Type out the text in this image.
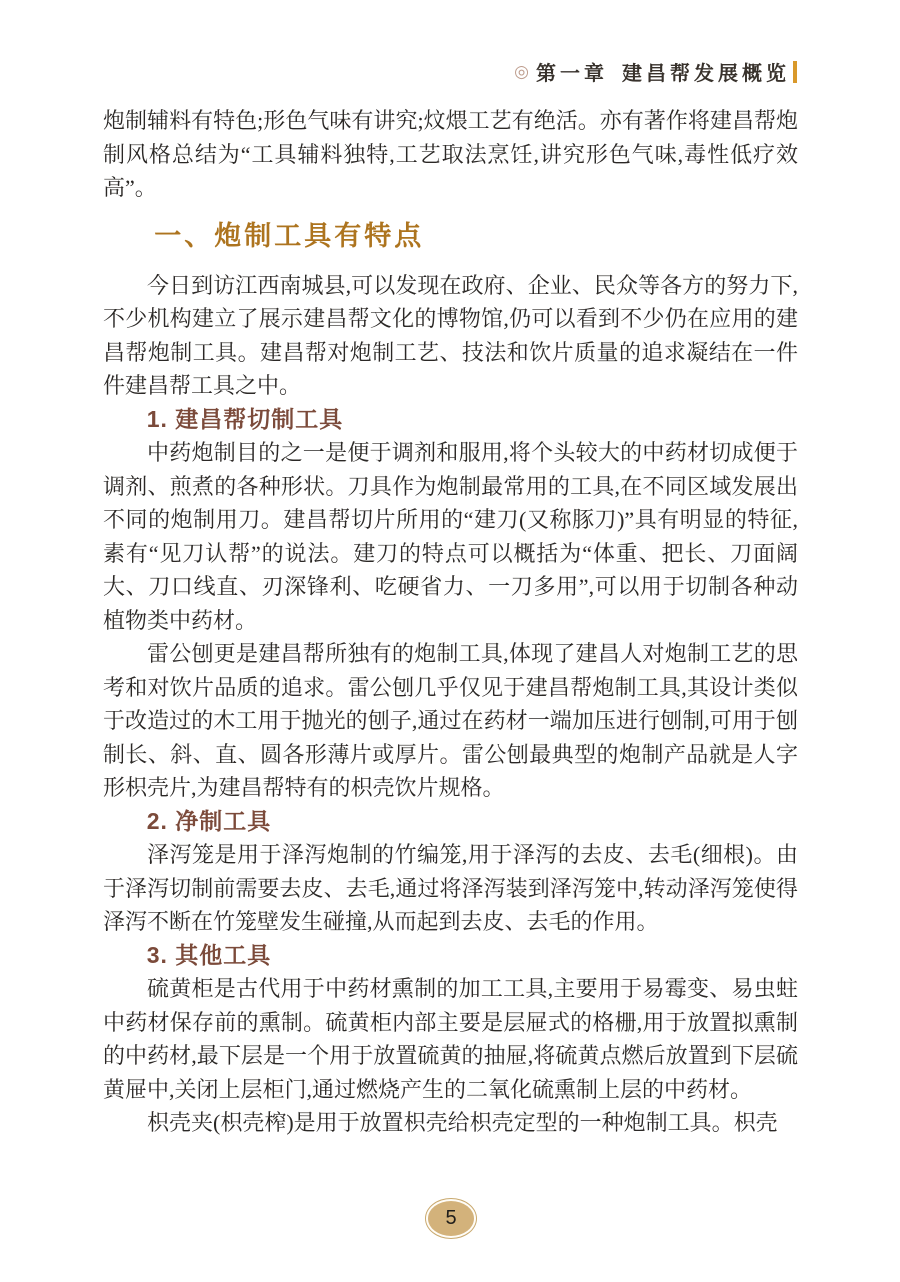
◎ 第一章 建昌帮发展概览

炮制辅料有特色;形色气味有讲究;炆煨工艺有绝活。亦有著作将建昌帮炮制风格总结为“工具辅料独特,工艺取法烹饪,讲究形色气味,毒性低疗效高”。

一、炮制工具有特点

今日到访江西南城县,可以发现在政府、企业、民众等各方的努力下,不少机构建立了展示建昌帮文化的博物馆,仍可以看到不少仍在应用的建昌帮炮制工具。建昌帮对炮制工艺、技法和饮片质量的追求凝结在一件件建昌帮工具之中。

1. 建昌帮切制工具

中药炮制目的之一是便于调剂和服用,将个头较大的中药材切成便于调剂、煎煮的各种形状。刀具作为炮制最常用的工具,在不同区域发展出不同的炮制用刀。建昌帮切片所用的“建刀(又称豚刀)”具有明显的特征,素有“见刀认帮”的说法。建刀的特点可以概括为“体重、把长、刀面阔大、刀口线直、刃深锋利、吃硬省力、一刀多用”,可以用于切制各种动植物类中药材。

雷公刨更是建昌帮所独有的炮制工具,体现了建昌人对炮制工艺的思考和对饮片品质的追求。雷公刨几乎仅见于建昌帮炮制工具,其设计类似于改造过的木工用于抛光的刨子,通过在药材一端加压进行刨制,可用于刨制长、斜、直、圆各形薄片或厚片。雷公刨最典型的炮制产品就是人字形枳壳片,为建昌帮特有的枳壳饮片规格。

2. 净制工具

泽泻笼是用于泽泻炮制的竹编笼,用于泽泻的去皮、去毛(细根)。由于泽泻切制前需要去皮、去毛,通过将泽泻装到泽泻笼中,转动泽泻笼使得泽泻不断在竹笼壁发生碰撞,从而起到去皮、去毛的作用。

3. 其他工具

硫黄柜是古代用于中药材熏制的加工工具,主要用于易霉变、易虫蛀中药材保存前的熏制。硫黄柜内部主要是层屉式的格栅,用于放置拟熏制的中药材,最下层是一个用于放置硫黄的抽屉,将硫黄点燃后放置到下层硫黄屉中,关闭上层柜门,通过燃烧产生的二氧化硫熏制上层的中药材。

枳壳夹(枳壳榨)是用于放置枳壳给枳壳定型的一种炮制工具。枳壳

5
